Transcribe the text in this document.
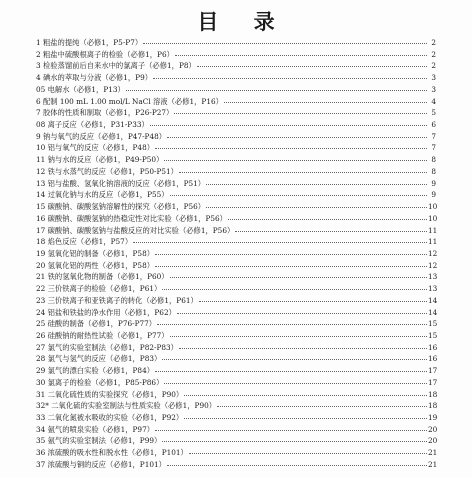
目 录
1 粗盐的提纯（必修1，P5-P7）	2
2 粗盐中硫酸根离子的检验（必修1，P6）	2
3 检验蒸馏前后自来水中的氯离子（必修1，P8）	2
4 碘水的萃取与分液（必修1，P9）	3
05 电解水（必修1，P13）	3
6 配制 100 mL 1.00 mol/L NaCl 溶液（必修1，P16）	4
7 胶体的性质和制取（必修1，P26-P27）	5
08 离子反应（必修1，P31-P33）	6
9 钠与氧气的反应（必修1，P47-P48）	7
10 铝与氧气的反应（必修1，P48）	7
11 钠与水的反应（必修1，P49-P50）	8
12 铁与水蒸气的反应（必修1，P50-P51）	8
13 铝与盐酸、氢氧化钠溶液的反应（必修1，P51）	9
14 过氧化钠与水的反应（必修1，P55）	9
15 碳酸钠、碳酸氢钠溶解性的探究（必修1，P56）	10
16 碳酸钠、碳酸氢钠的热稳定性对比实验（必修1，P56）	10
17 碳酸钠、碳酸氢钠与盐酸反应的对比实验（必修1，P56）	11
18 焰色反应（必修1，P57）	11
19 氢氧化铝的制备（必修1，P58）	12
20 氢氧化铝的两性（必修1，P58）	12
21 铁的氢氧化物的制备（必修1，P60）	13
22 三价铁离子的检验（必修1，P61）	13
23 三价铁离子和亚铁离子的转化（必修1，P61）	14
24 铝盐和铁盐的净水作用（必修1，P62）	14
25 硅酸的制备（必修1，P76-P77）	15
26 硅酸钠的耐热性试验（必修1，P77）	15
27 氯气的实验室制法（必修1，P82-P83）	16
28 氯气与氢气的反应（必修1，P83）	16
29 氯气的漂白实验（必修1，P84）	17
30 氯离子的检验（必修1，P85-P86）	17
31 二氧化硫性质的实验探究（必修1，P90）	18
32* 二氧化硫的实验室制法与性质实验（必修1，P90）	18
33 二氧化氮被水吸收的实验（必修1，P92）	19
34 氨气的喷泉实验（必修1，P97）	20
35 氨气的实验室制法（必修1，P99）	20
36 浓硫酸的吸水性和脱水性（必修1，P101）	21
37 浓硫酸与铜的反应（必修1，P101）	21
